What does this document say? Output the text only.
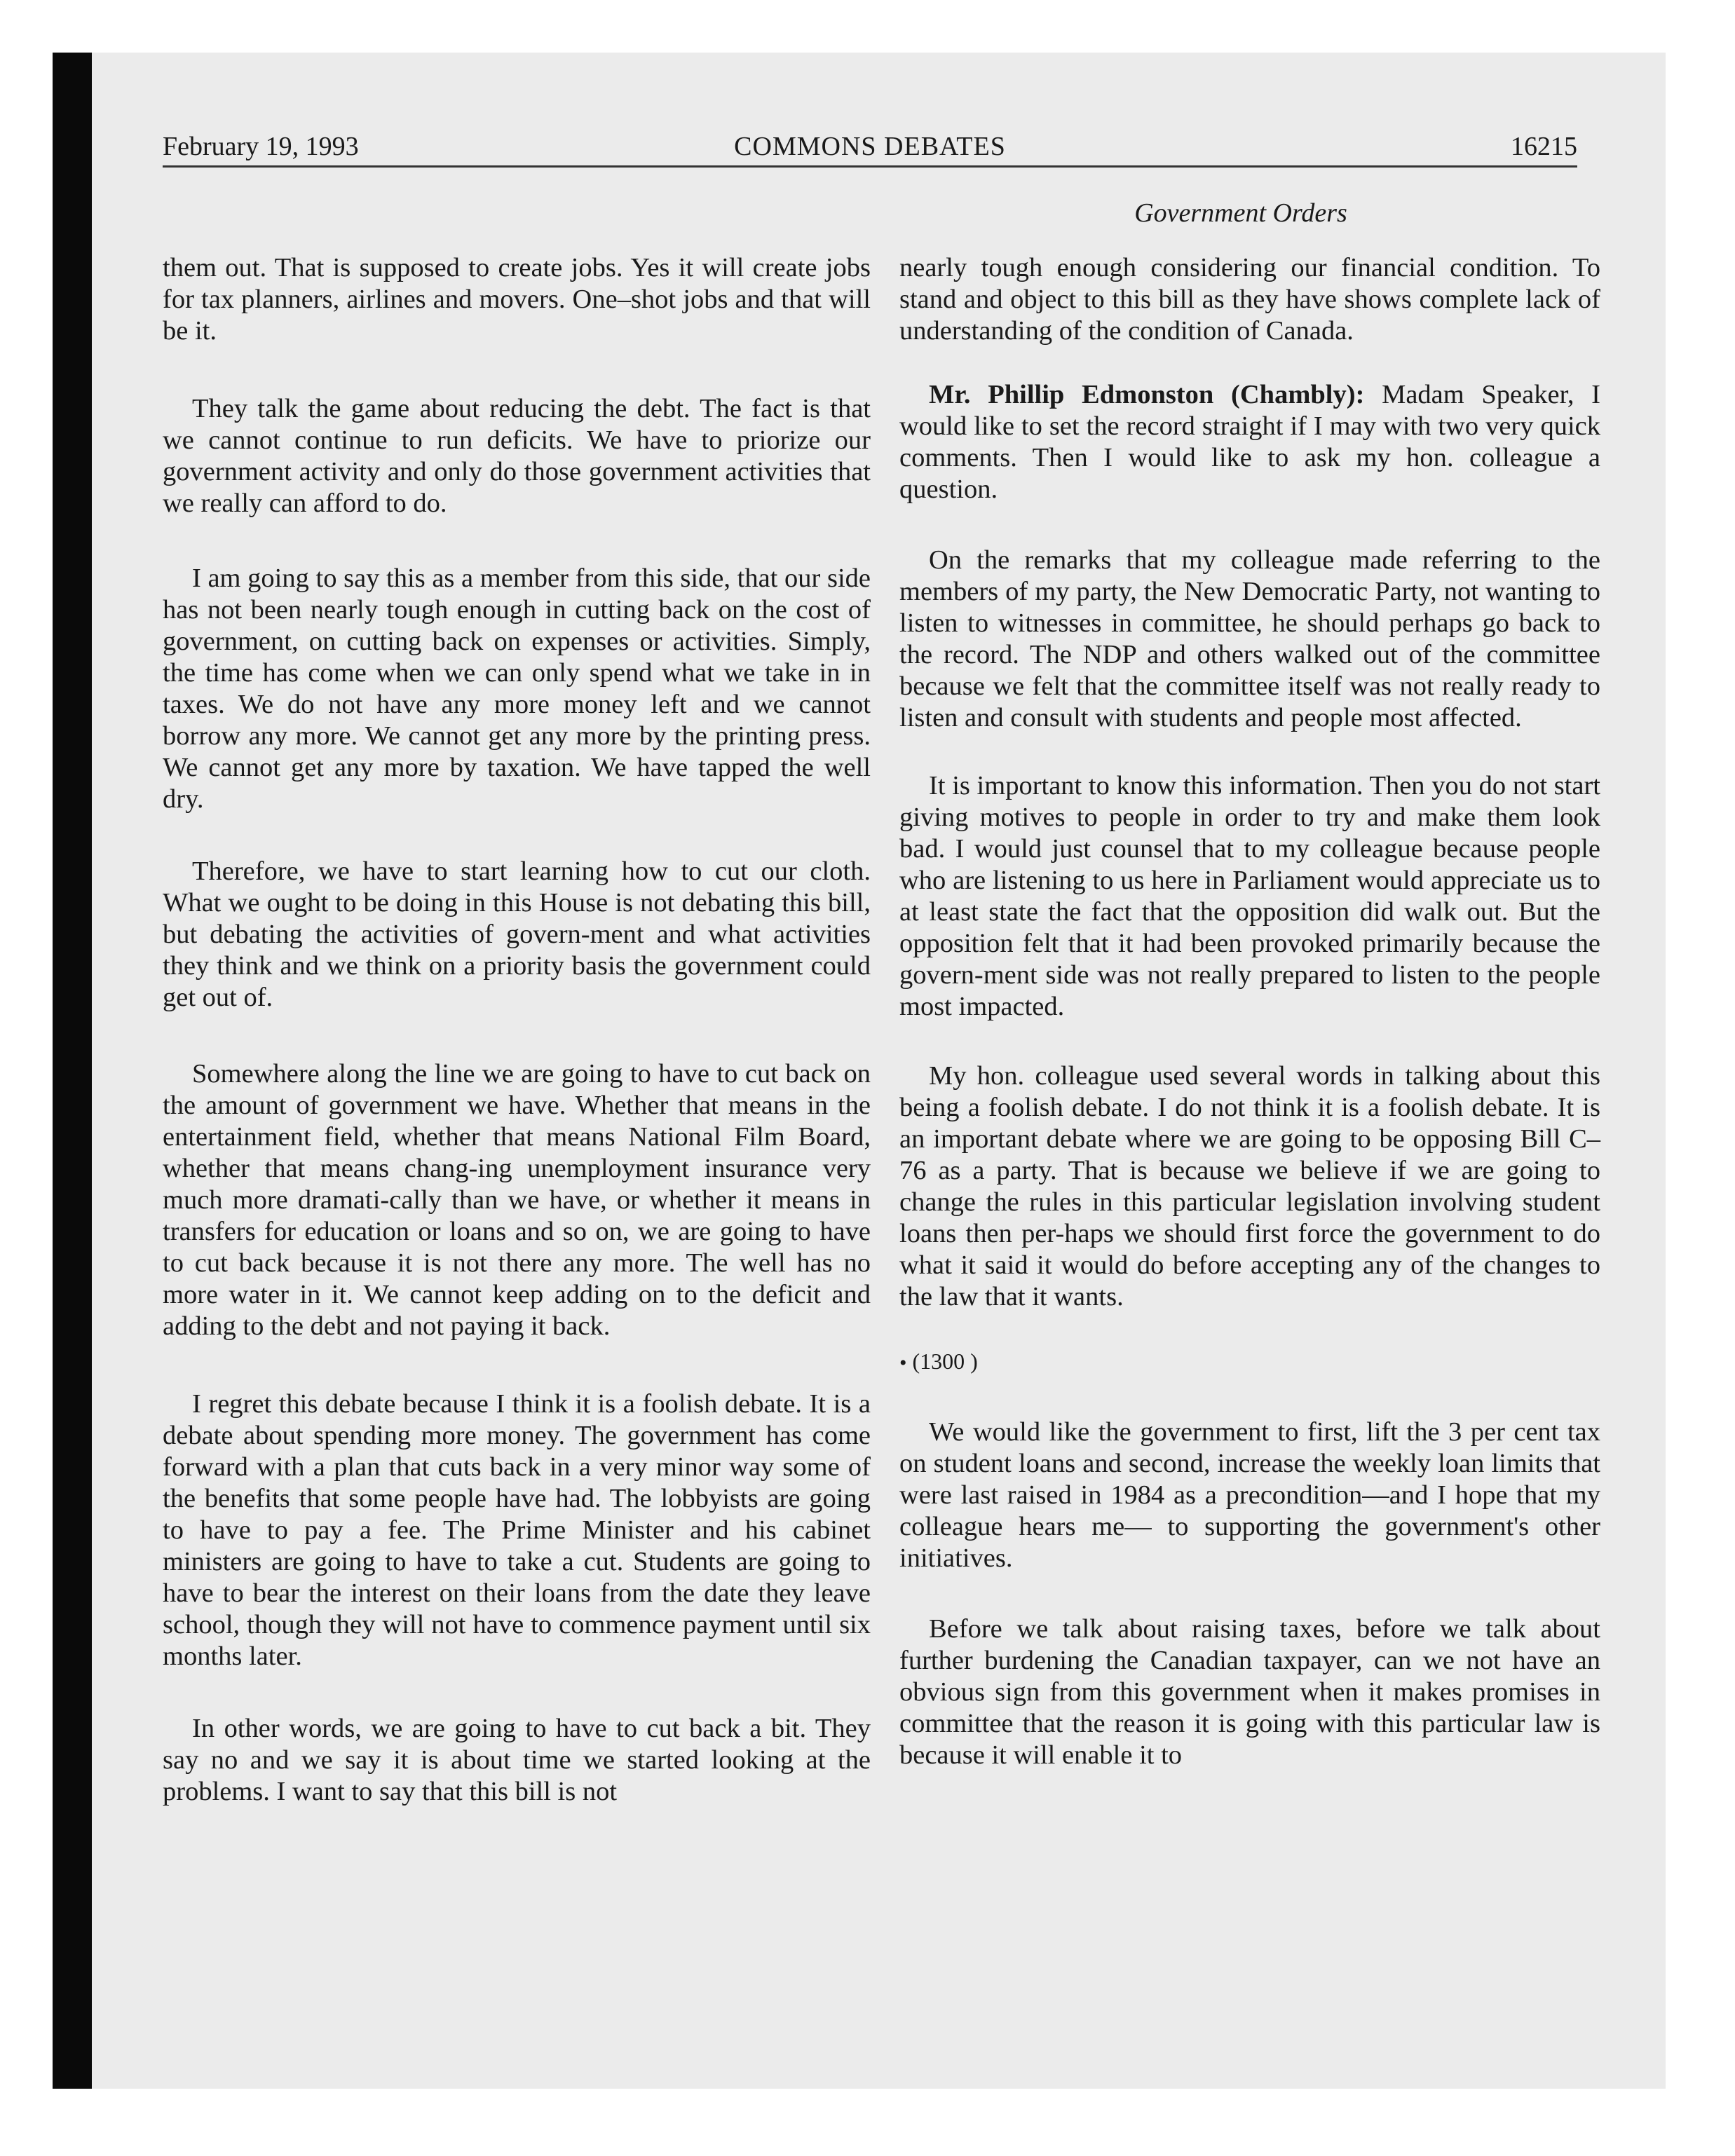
February 19, 1993	COMMONS DEBATES	16215
Government Orders

them out. That is supposed to create jobs. Yes it will create jobs for tax planners, airlines and movers. One–shot jobs and that will be it.

They talk the game about reducing the debt. The fact is that we cannot continue to run deficits. We have to priorize our government activity and only do those government activities that we really can afford to do.

I am going to say this as a member from this side, that our side has not been nearly tough enough in cutting back on the cost of government, on cutting back on expenses or activities. Simply, the time has come when we can only spend what we take in in taxes. We do not have any more money left and we cannot borrow any more. We cannot get any more by the printing press. We cannot get any more by taxation. We have tapped the well dry.

Therefore, we have to start learning how to cut our cloth. What we ought to be doing in this House is not debating this bill, but debating the activities of govern-ment and what activities they think and we think on a priority basis the government could get out of.

Somewhere along the line we are going to have to cut back on the amount of government we have. Whether that means in the entertainment field, whether that means National Film Board, whether that means chang-ing unemployment insurance very much more dramati-cally than we have, or whether it means in transfers for education or loans and so on, we are going to have to cut back because it is not there any more. The well has no more water in it. We cannot keep adding on to the deficit and adding to the debt and not paying it back.

I regret this debate because I think it is a foolish debate. It is a debate about spending more money. The government has come forward with a plan that cuts back in a very minor way some of the benefits that some people have had. The lobbyists are going to have to pay a fee. The Prime Minister and his cabinet ministers are going to have to take a cut. Students are going to have to bear the interest on their loans from the date they leave school, though they will not have to commence payment until six months later.

In other words, we are going to have to cut back a bit. They say no and we say it is about time we started looking at the problems. I want to say that this bill is not

nearly tough enough considering our financial condition. To stand and object to this bill as they have shows complete lack of understanding of the condition of Canada.

Mr. Phillip Edmonston (Chambly): Madam Speaker, I would like to set the record straight if I may with two very quick comments. Then I would like to ask my hon. colleague a question.

On the remarks that my colleague made referring to the members of my party, the New Democratic Party, not wanting to listen to witnesses in committee, he should perhaps go back to the record. The NDP and others walked out of the committee because we felt that the committee itself was not really ready to listen and consult with students and people most affected.

It is important to know this information. Then you do not start giving motives to people in order to try and make them look bad. I would just counsel that to my colleague because people who are listening to us here in Parliament would appreciate us to at least state the fact that the opposition did walk out. But the opposition felt that it had been provoked primarily because the govern-ment side was not really prepared to listen to the people most impacted.

My hon. colleague used several words in talking about this being a foolish debate. I do not think it is a foolish debate. It is an important debate where we are going to be opposing Bill C–76 as a party. That is because we believe if we are going to change the rules in this particular legislation involving student loans then per-haps we should first force the government to do what it said it would do before accepting any of the changes to the law that it wants.

• (1300 )

We would like the government to first, lift the 3 per cent tax on student loans and second, increase the weekly loan limits that were last raised in 1984 as a precondition—and I hope that my colleague hears me— to supporting the government's other initiatives.

Before we talk about raising taxes, before we talk about further burdening the Canadian taxpayer, can we not have an obvious sign from this government when it makes promises in committee that the reason it is going with this particular law is because it will enable it to
